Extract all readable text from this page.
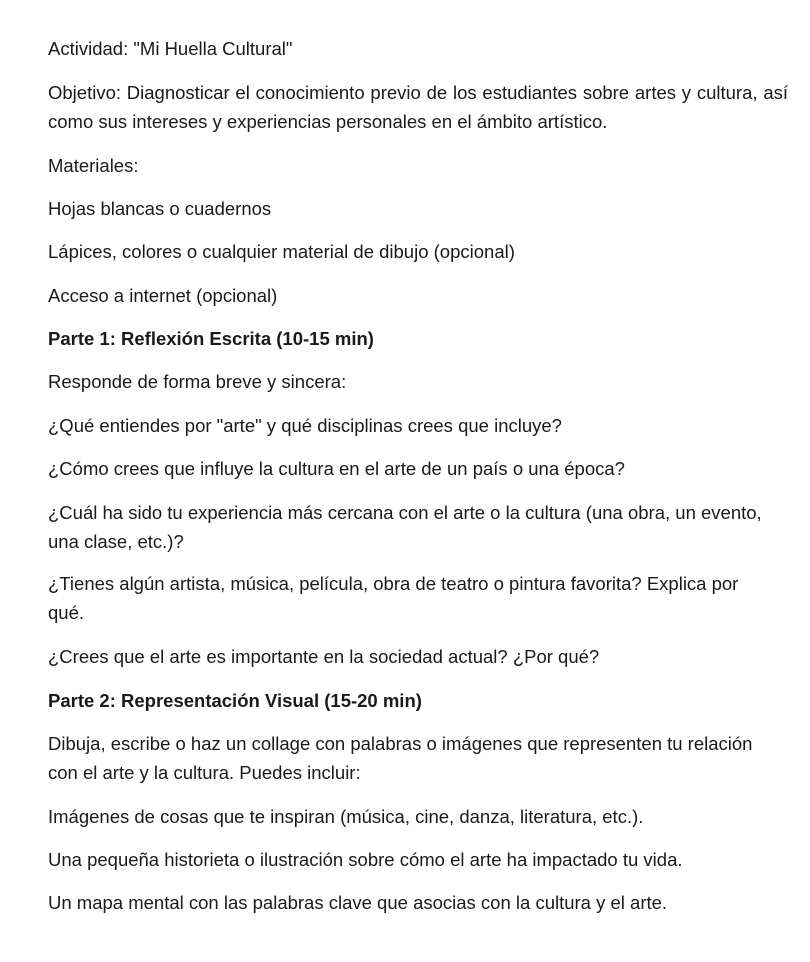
Actividad: "Mi Huella Cultural"

Objetivo: Diagnosticar el conocimiento previo de los estudiantes sobre artes y cultura, así como sus intereses y experiencias personales en el ámbito artístico.

Materiales:

Hojas blancas o cuadernos

Lápices, colores o cualquier material de dibujo (opcional)

Acceso a internet (opcional)

Parte 1: Reflexión Escrita (10-15 min)

Responde de forma breve y sincera:

¿Qué entiendes por "arte" y qué disciplinas crees que incluye?

¿Cómo crees que influye la cultura en el arte de un país o una época?

¿Cuál ha sido tu experiencia más cercana con el arte o la cultura (una obra, un evento, una clase, etc.)?

¿Tienes algún artista, música, película, obra de teatro o pintura favorita? Explica por qué.

¿Crees que el arte es importante en la sociedad actual? ¿Por qué?

Parte 2: Representación Visual (15-20 min)

Dibuja, escribe o haz un collage con palabras o imágenes que representen tu relación con el arte y la cultura. Puedes incluir:

Imágenes de cosas que te inspiran (música, cine, danza, literatura, etc.).

Una pequeña historieta o ilustración sobre cómo el arte ha impactado tu vida.

Un mapa mental con las palabras clave que asocias con la cultura y el arte.
